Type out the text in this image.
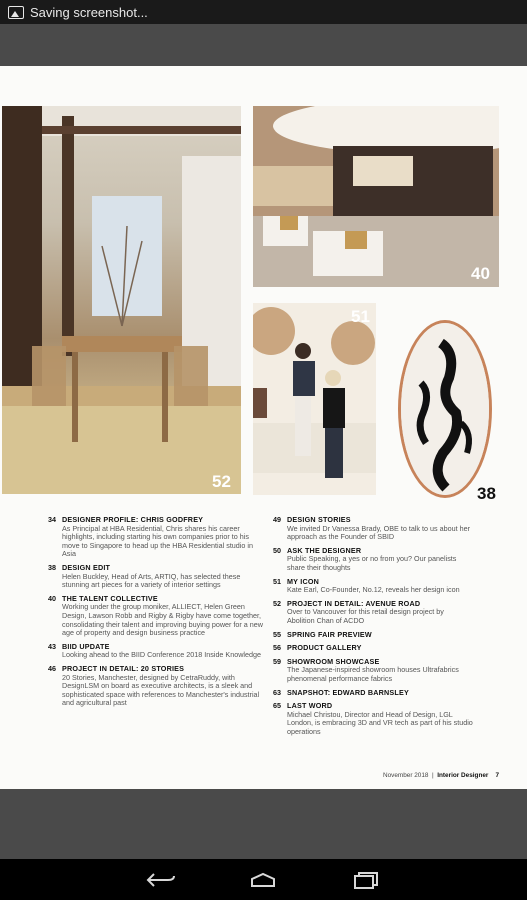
Saving screenshot...
52
40
51
38
34 DESIGNER PROFILE: CHRIS GODFREY
As Principal at HBA Residential, Chris shares his career highlights, including starting his own companies prior to his move to Singapore to head up the HBA Residential studio in Asia
38 DESIGN EDIT
Helen Buckley, Head of Arts, ARTIQ, has selected these stunning art pieces for a variety of interior settings
40 THE TALENT COLLECTIVE
Working under the group moniker, ALLIECT, Helen Green Design, Lawson Robb and Rigby & Rigby have come together, consolidating their talent and improving buying power for a new age of property and design business practice
43 BIID UPDATE
Looking ahead to the BIID Conference 2018 Inside Knowledge
46 PROJECT IN DETAIL: 20 STORIES
20 Stories, Manchester, designed by CetraRuddy, with DesignLSM on board as executive architects, is a sleek and sophisticated space with references to Manchester's industrial and agricultural past
49 DESIGN STORIES
We invited Dr Vanessa Brady, OBE to talk to us about her approach as the Founder of SBID
50 ASK THE DESIGNER
Public Speaking, a yes or no from you? Our panelists share their thoughts
51 MY ICON
Kate Earl, Co-Founder, No.12, reveals her design icon
52 PROJECT IN DETAIL: AVENUE ROAD
Over to Vancouver for this retail design project by Abolition Chan of ACDO
55 SPRING FAIR PREVIEW
56 PRODUCT GALLERY
59 SHOWROOM SHOWCASE
The Japanese-inspired showroom houses Ultrafabrics phenomenal performance fabrics
63 SNAPSHOT: EDWARD BARNSLEY
65 LAST WORD
Michael Christou, Director and Head of Design, LGL London, is embracing 3D and VR tech as part of his studio operations
November 2018  |  Interior Designer 7
